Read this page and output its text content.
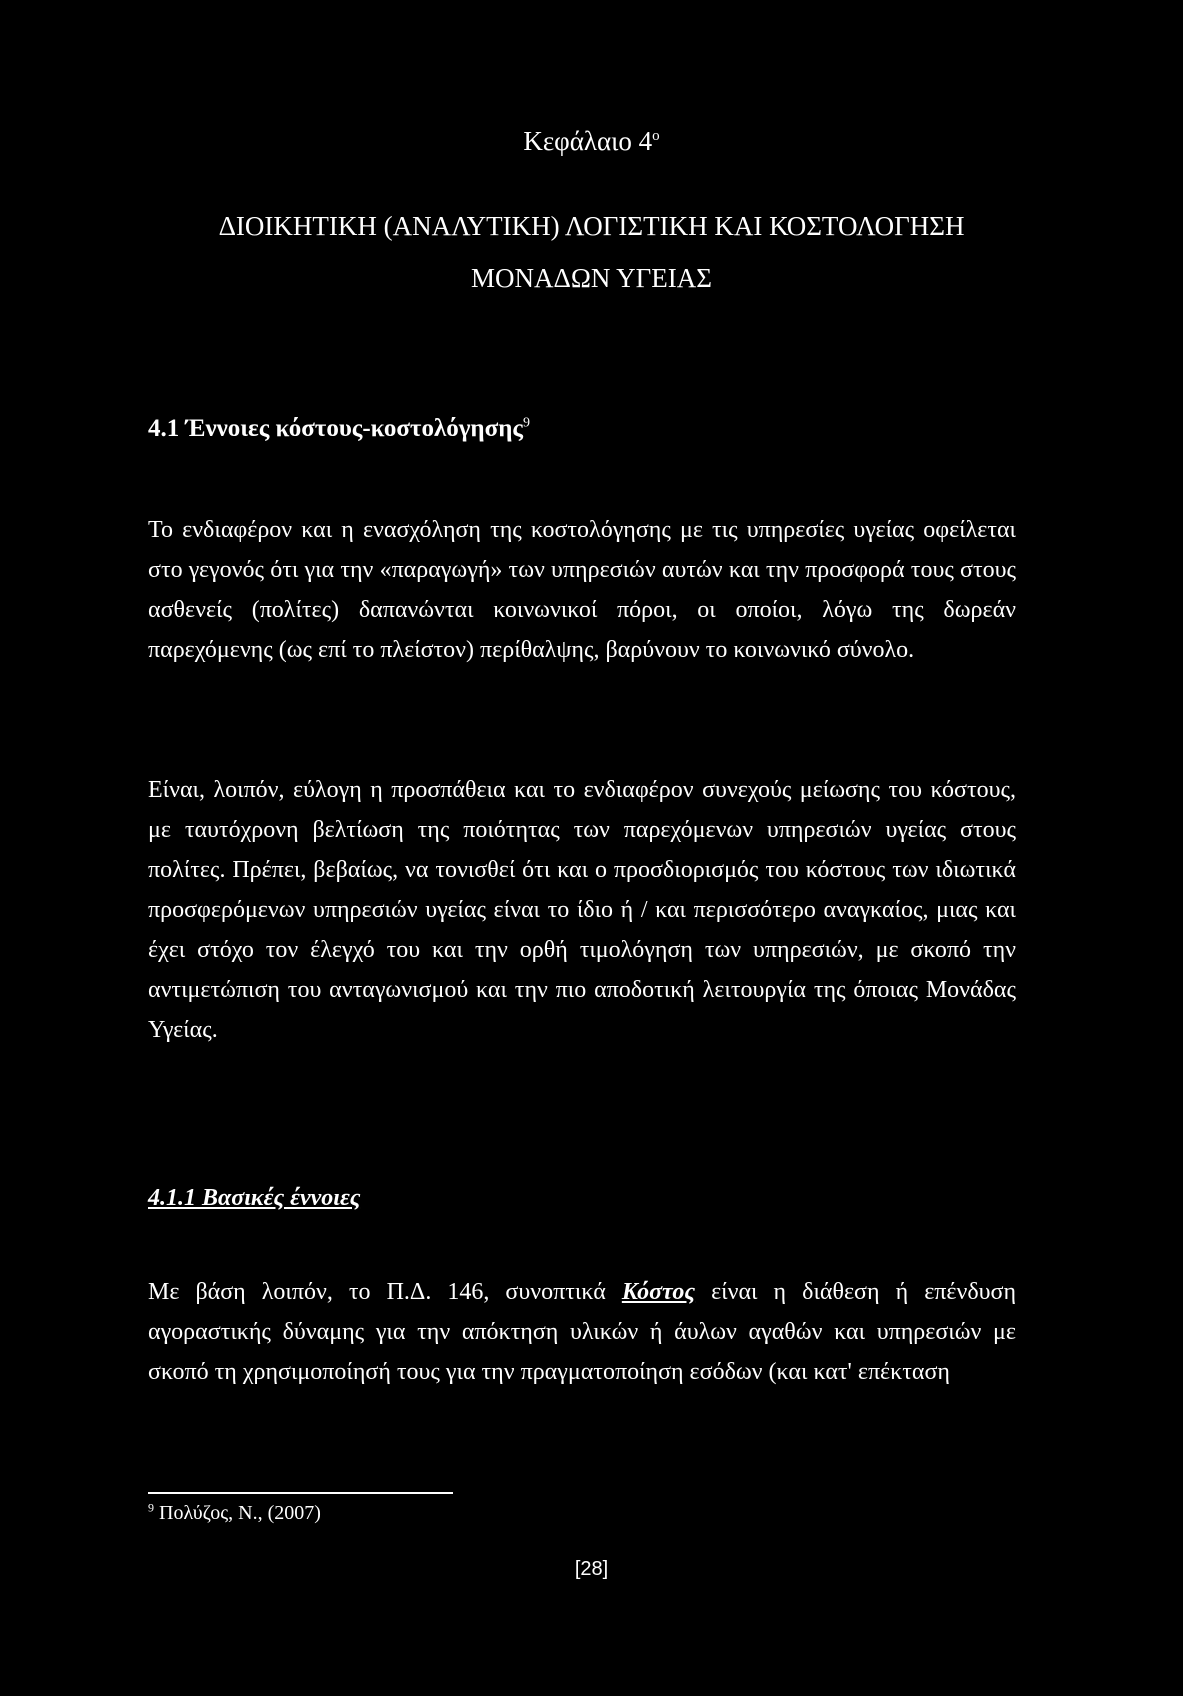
Κεφάλαιο $4^o$
ΔΙΟΙΚΗΤΙΚΗ (ΑΝΑΛΥΤΙΚΗ) ΛΟΓΙΣΤΙΚΗ ΚΑΙ ΚΟΣΤΟΛΟΓΗΣΗ
ΜΟΝΑΔΩΝ ΥΓΕΙΑΣ
4.1 Έννοιες κόστους-κοστολόγησης$^9$
Το ενδιαφέρον και η ενασχόληση της κοστολόγησης με τις υπηρεσίες υγείας οφείλεται στο γεγονός ότι για την «παραγωγή» των υπηρεσιών αυτών και την προσφορά τους στους ασθενείς (πολίτες) δαπανώνται κοινωνικοί πόροι, οι οποίοι, λόγω της δωρεάν παρεχόμενης (ως επί το πλείστον) περίθαλψης, βαρύνουν το κοινωνικό σύνολο.
Είναι, λοιπόν, εύλογη η προσπάθεια και το ενδιαφέρον συνεχούς μείωσης του κόστους, με ταυτόχρονη βελτίωση της ποιότητας των παρεχόμενων υπηρεσιών υγείας στους πολίτες. Πρέπει, βεβαίως, να τονισθεί ότι και ο προσδιορισμός του κόστους των ιδιωτικά προσφερόμενων υπηρεσιών υγείας είναι το ίδιο ή / και περισσότερο αναγκαίος, μιας και έχει στόχο τον έλεγχό του και την ορθή τιμολόγηση των υπηρεσιών, με σκοπό την αντιμετώπιση του ανταγωνισμού και την πιο αποδοτική λειτουργία της όποιας Μονάδας Υγείας.
4.1.1 Βασικές έννοιες
Με βάση λοιπόν, το Π.Δ. 146, συνοπτικά Κόστος είναι η διάθεση ή επένδυση αγοραστικής δύναμης για την απόκτηση υλικών ή άυλων αγαθών και υπηρεσιών με σκοπό τη χρησιμοποίησή τους για την πραγματοποίηση εσόδων (και κατ' επέκταση
$^9$ Πολύζος, Ν., (2007)
[28]
